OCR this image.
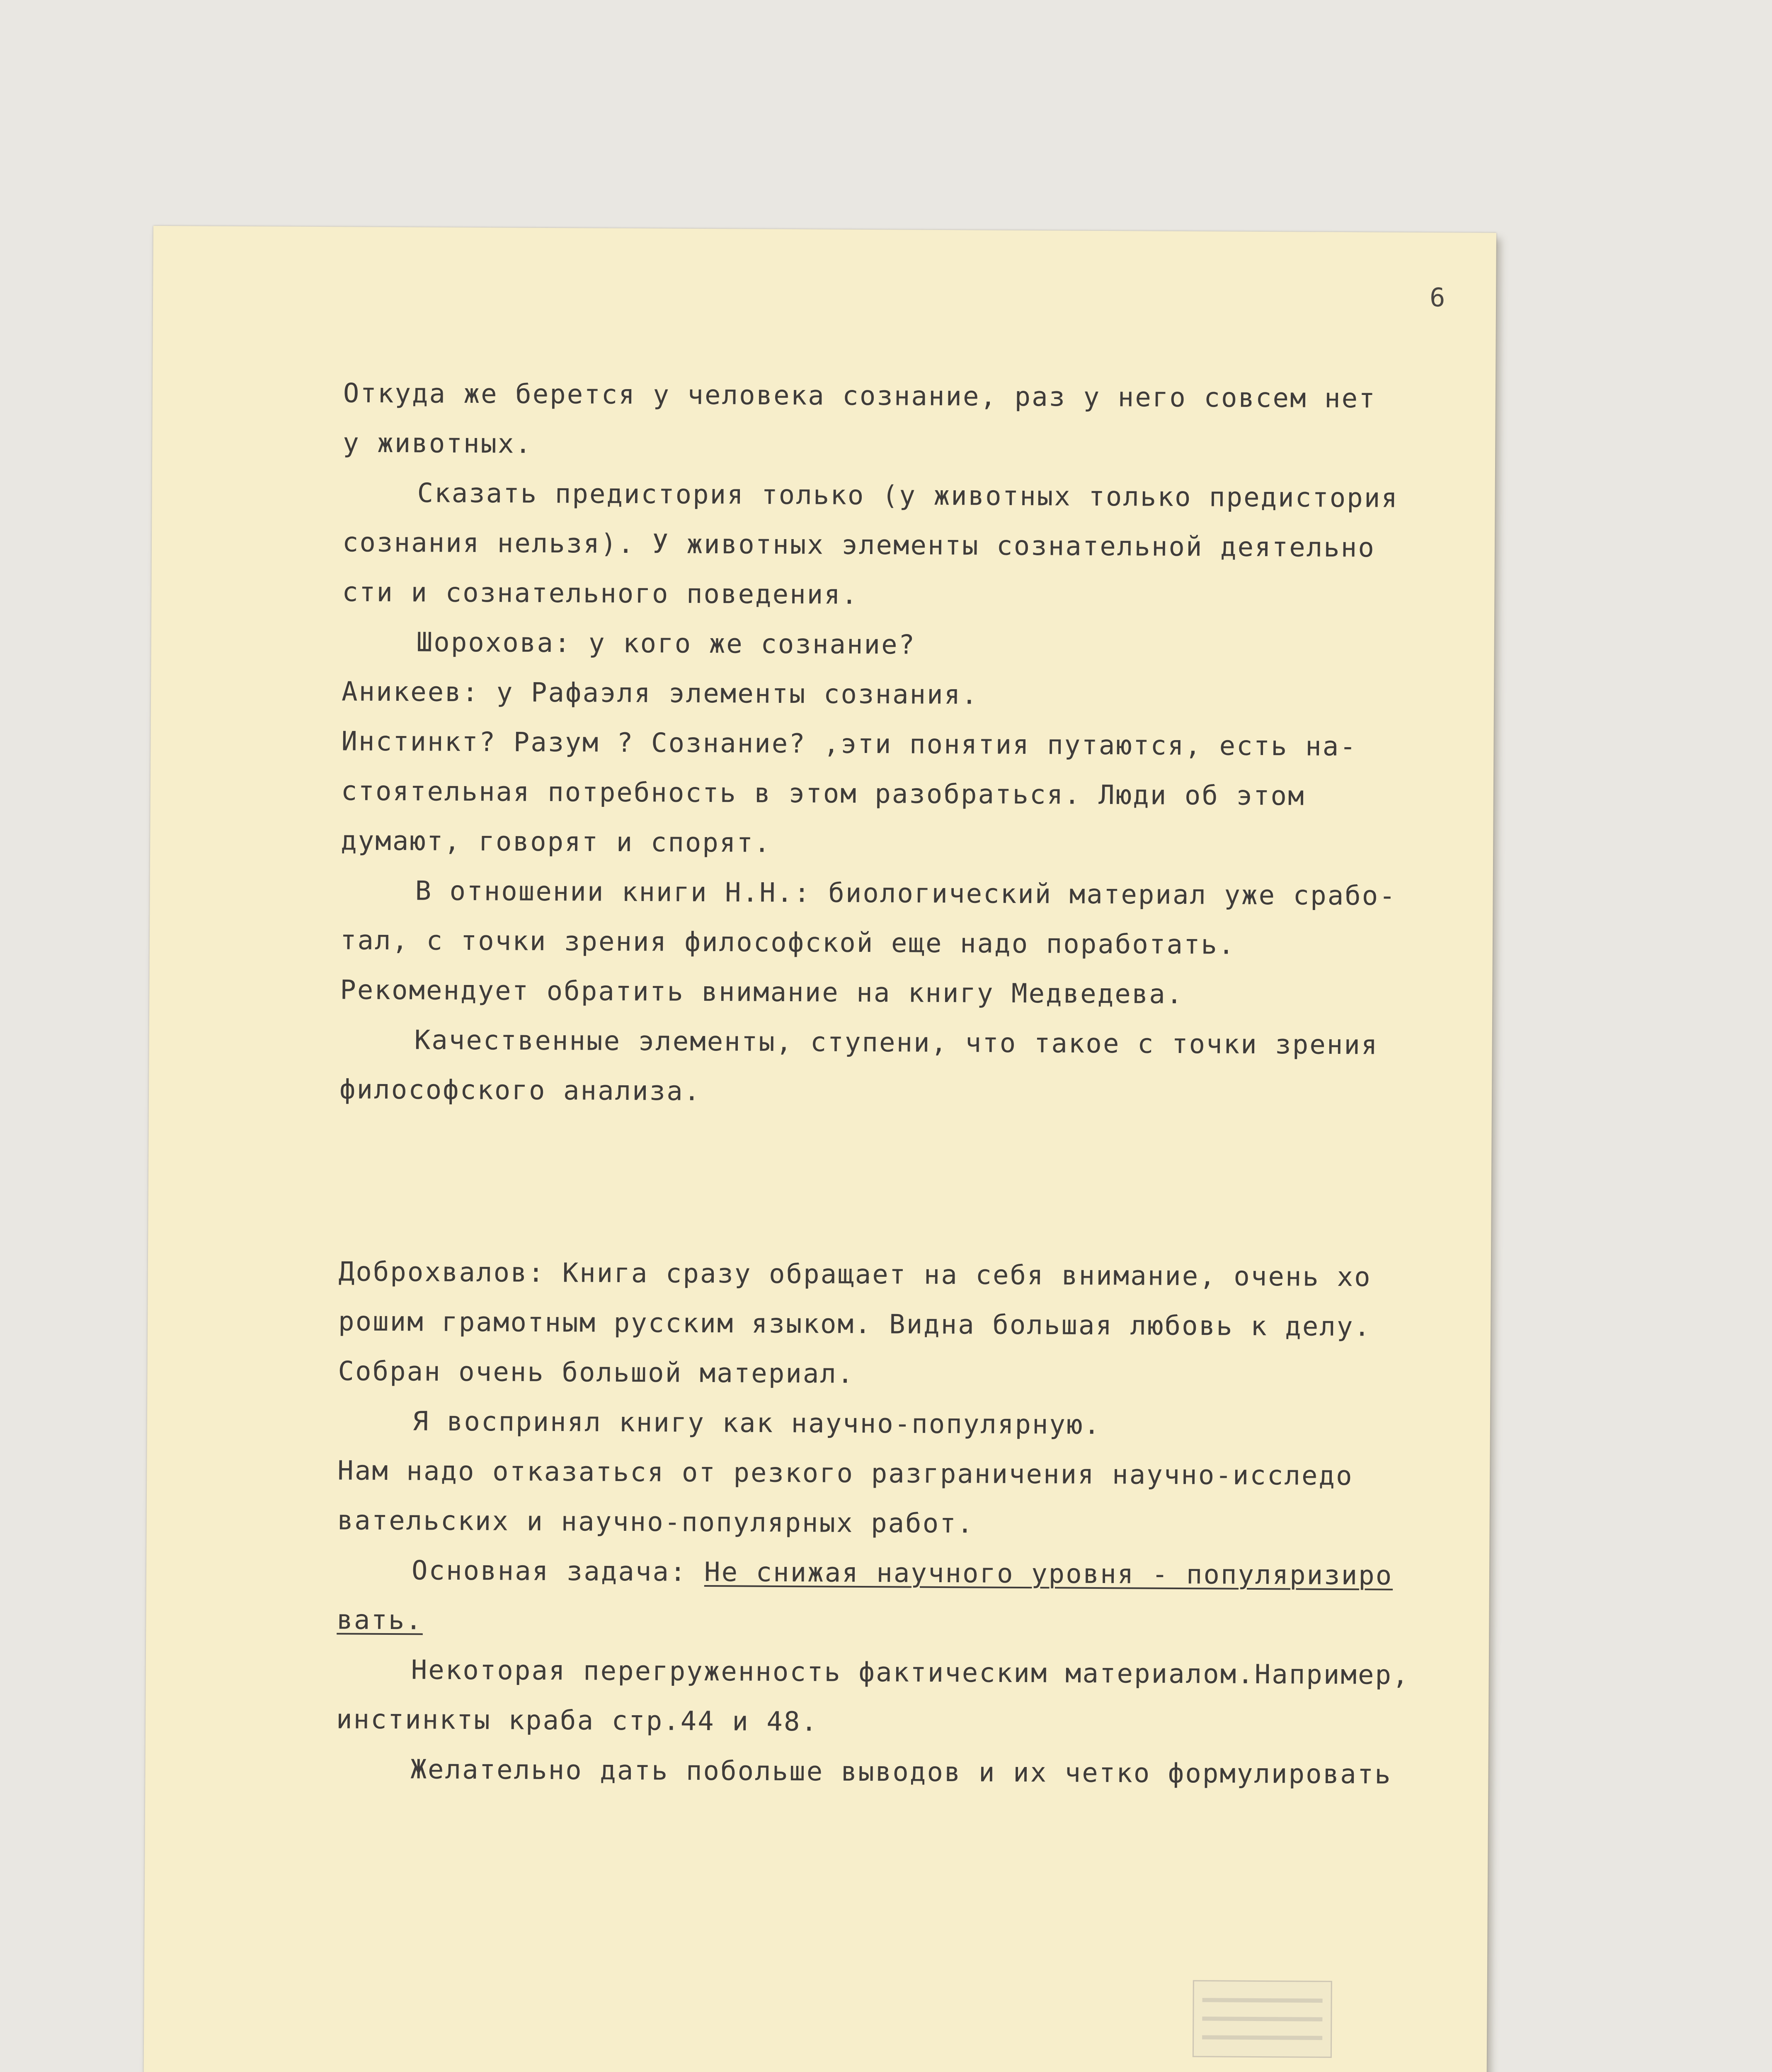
6
Откуда же берется у человека сознание, раз у него совсем нет
у животных.
Сказать предистория только (у животных только предистория
сознания нельзя). У животных элементы сознательной деятельно
сти и сознательного поведения.
Шорохова: у кого же сознание?
Аникеев: у Рафаэля элементы сознания.
Инстинкт? Разум ? Сознание? ,эти понятия путаются, есть на-
стоятельная потребность в этом разобраться. Люди об этом
думают, говорят и спорят.
В отношении книги Н.Н.: биологический материал уже срабо-
тал, с точки зрения философской еще надо поработать.
Рекомендует обратить внимание на книгу Медведева.
Качественные элементы, ступени, что такое с точки зрения
философского анализа.
Доброхвалов: Книга сразу обращает на себя внимание, очень хо
рошим грамотным русским языком. Видна большая любовь к делу.
Собран очень большой материал.
Я воспринял книгу как научно-популярную.
Нам надо отказаться от резкого разграничения научно-исследо
вательских и научно-популярных работ.
Основная задача: Не снижая научного уровня - популяризиро
вать.
Некоторая перегруженность фактическим материалом.Например,
инстинкты краба стр.44 и 48.
Желательно дать побольше выводов и их четко формулировать
